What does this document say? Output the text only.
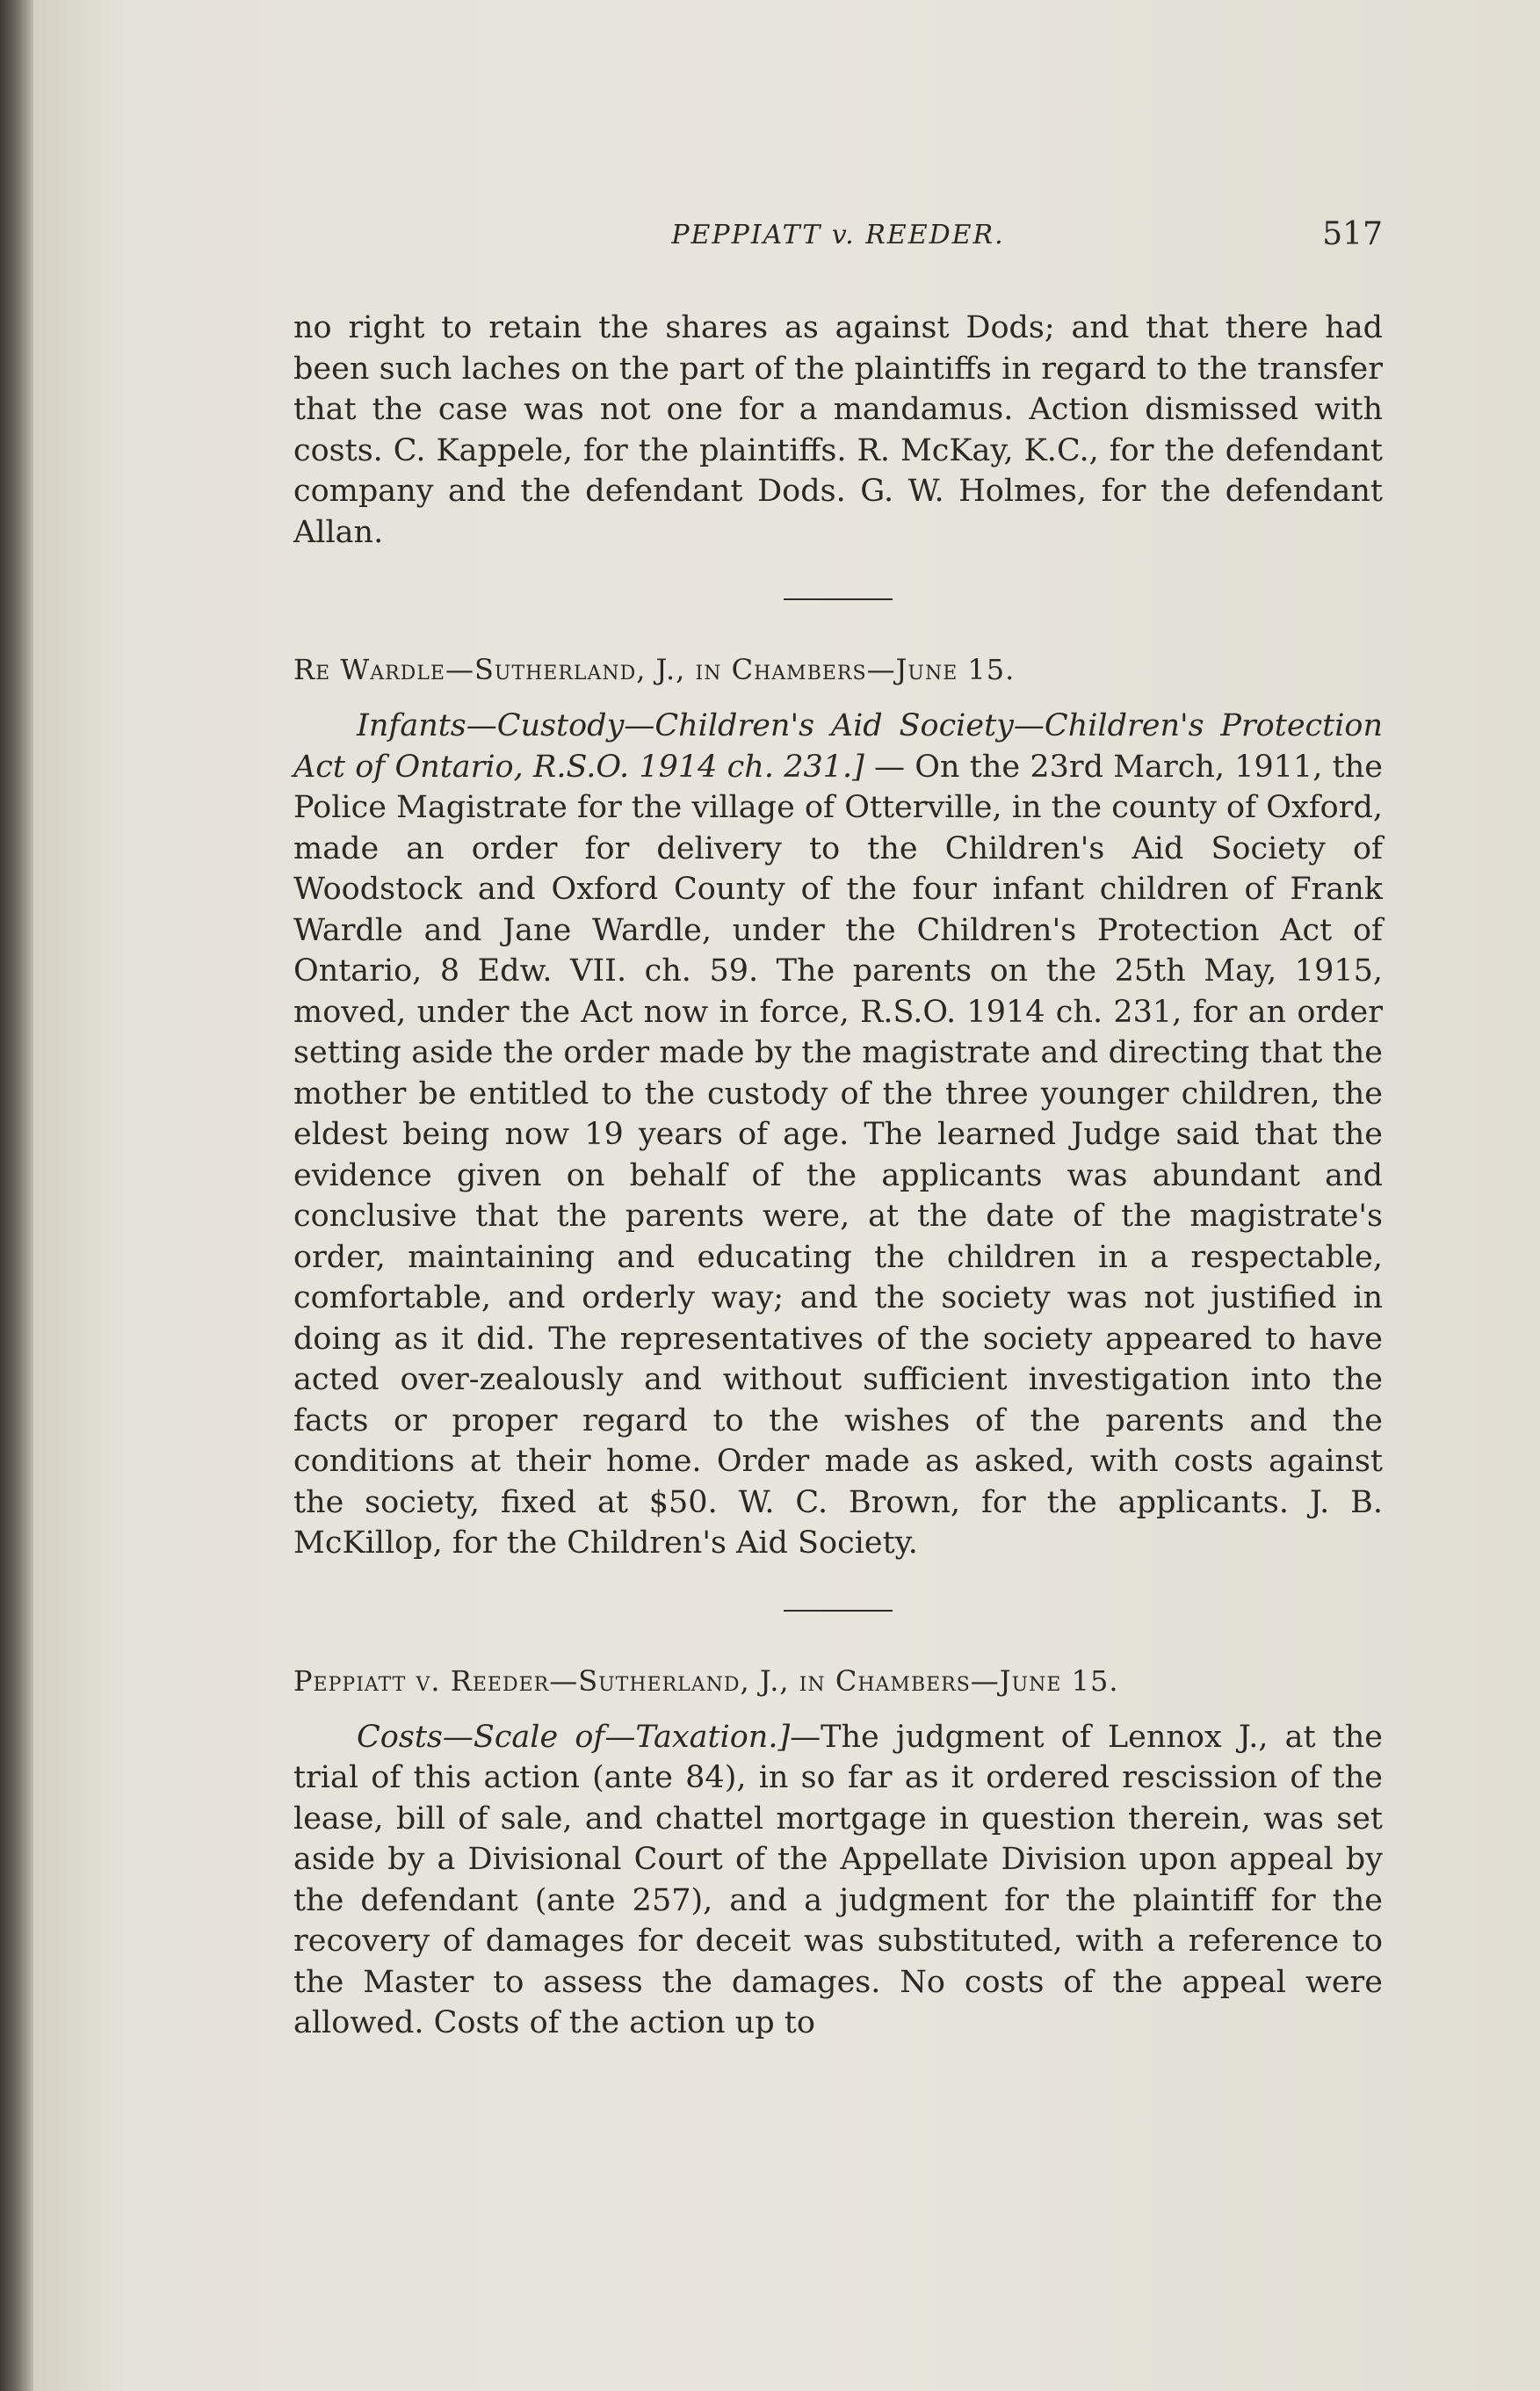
PEPPIATT v. REEDER.	517

no right to retain the shares as against Dods; and that there had been such laches on the part of the plaintiffs in regard to the transfer that the case was not one for a mandamus. Action dismissed with costs. C. Kappele, for the plaintiffs. R. McKay, K.C., for the defendant company and the defendant Dods. G. W. Holmes, for the defendant Allan.

Re Wardle—Sutherland, J., in Chambers—June 15.

Infants—Custody—Children's Aid Society—Children's Protection Act of Ontario, R.S.O. 1914 ch. 231.] — On the 23rd March, 1911, the Police Magistrate for the village of Otterville, in the county of Oxford, made an order for delivery to the Children's Aid Society of Woodstock and Oxford County of the four infant children of Frank Wardle and Jane Wardle, under the Children's Protection Act of Ontario, 8 Edw. VII. ch. 59. The parents on the 25th May, 1915, moved, under the Act now in force, R.S.O. 1914 ch. 231, for an order setting aside the order made by the magistrate and directing that the mother be entitled to the custody of the three younger children, the eldest being now 19 years of age. The learned Judge said that the evidence given on behalf of the applicants was abundant and conclusive that the parents were, at the date of the magistrate's order, maintaining and educating the children in a respectable, comfortable, and orderly way; and the society was not justified in doing as it did. The representatives of the society appeared to have acted over-zealously and without sufficient investigation into the facts or proper regard to the wishes of the parents and the conditions at their home. Order made as asked, with costs against the society, fixed at $50. W. C. Brown, for the applicants. J. B. McKillop, for the Children's Aid Society.

Peppiatt v. Reeder—Sutherland, J., in Chambers—June 15.

Costs—Scale of—Taxation.]—The judgment of Lennox J., at the trial of this action (ante 84), in so far as it ordered rescission of the lease, bill of sale, and chattel mortgage in question therein, was set aside by a Divisional Court of the Appellate Division upon appeal by the defendant (ante 257), and a judgment for the plaintiff for the recovery of damages for deceit was substituted, with a reference to the Master to assess the damages. No costs of the appeal were allowed. Costs of the action up to
